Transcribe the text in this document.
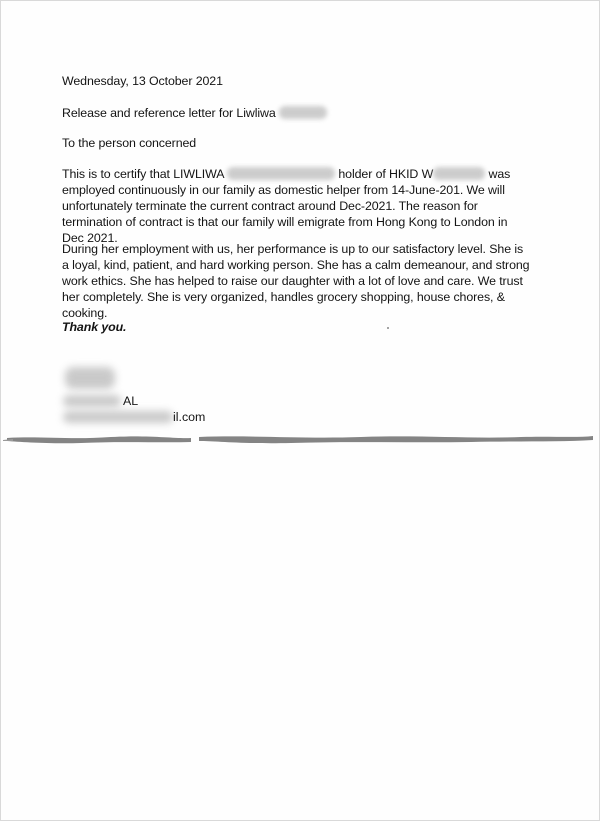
Wednesday, 13 October 2021
Release and reference letter for Liwliwa
To the person concerned
This is to certify that LIWLIWA	holder of HKID W	was employed continuously in our family as domestic helper from 14-June-201. We will unfortunately terminate the current contract around Dec-2021. The reason for termination of contract is that our family will emigrate from Hong Kong to London in Dec 2021.
During her employment with us, her performance is up to our satisfactory level. She is a loyal, kind, patient, and hard working person. She has a calm demeanour, and strong work ethics. She has helped to raise our daughter with a lot of love and care. We trust her completely. She is very organized, handles grocery shopping, house chores, & cooking.
Thank you.
AL
il.com
